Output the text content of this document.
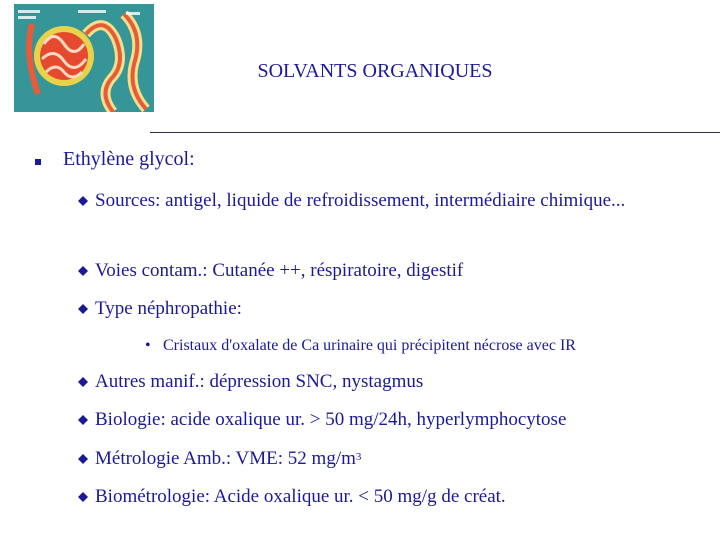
SOLVANTS ORGANIQUES
Ethylène glycol:
Sources: antigel, liquide de refroidissement, intermédiaire chimique...
Voies contam.: Cutanée ++, réspiratoire, digestif
Type néphropathie:
• Cristaux d'oxalate de Ca urinaire qui précipitent nécrose avec IR
Autres manif.: dépression SNC, nystagmus
Biologie: acide oxalique ur. > 50 mg/24h, hyperlymphocytose
Métrologie Amb.: VME: 52 $mg/m^3$
Biométrologie: Acide oxalique ur. < 50 mg/g de créat.
